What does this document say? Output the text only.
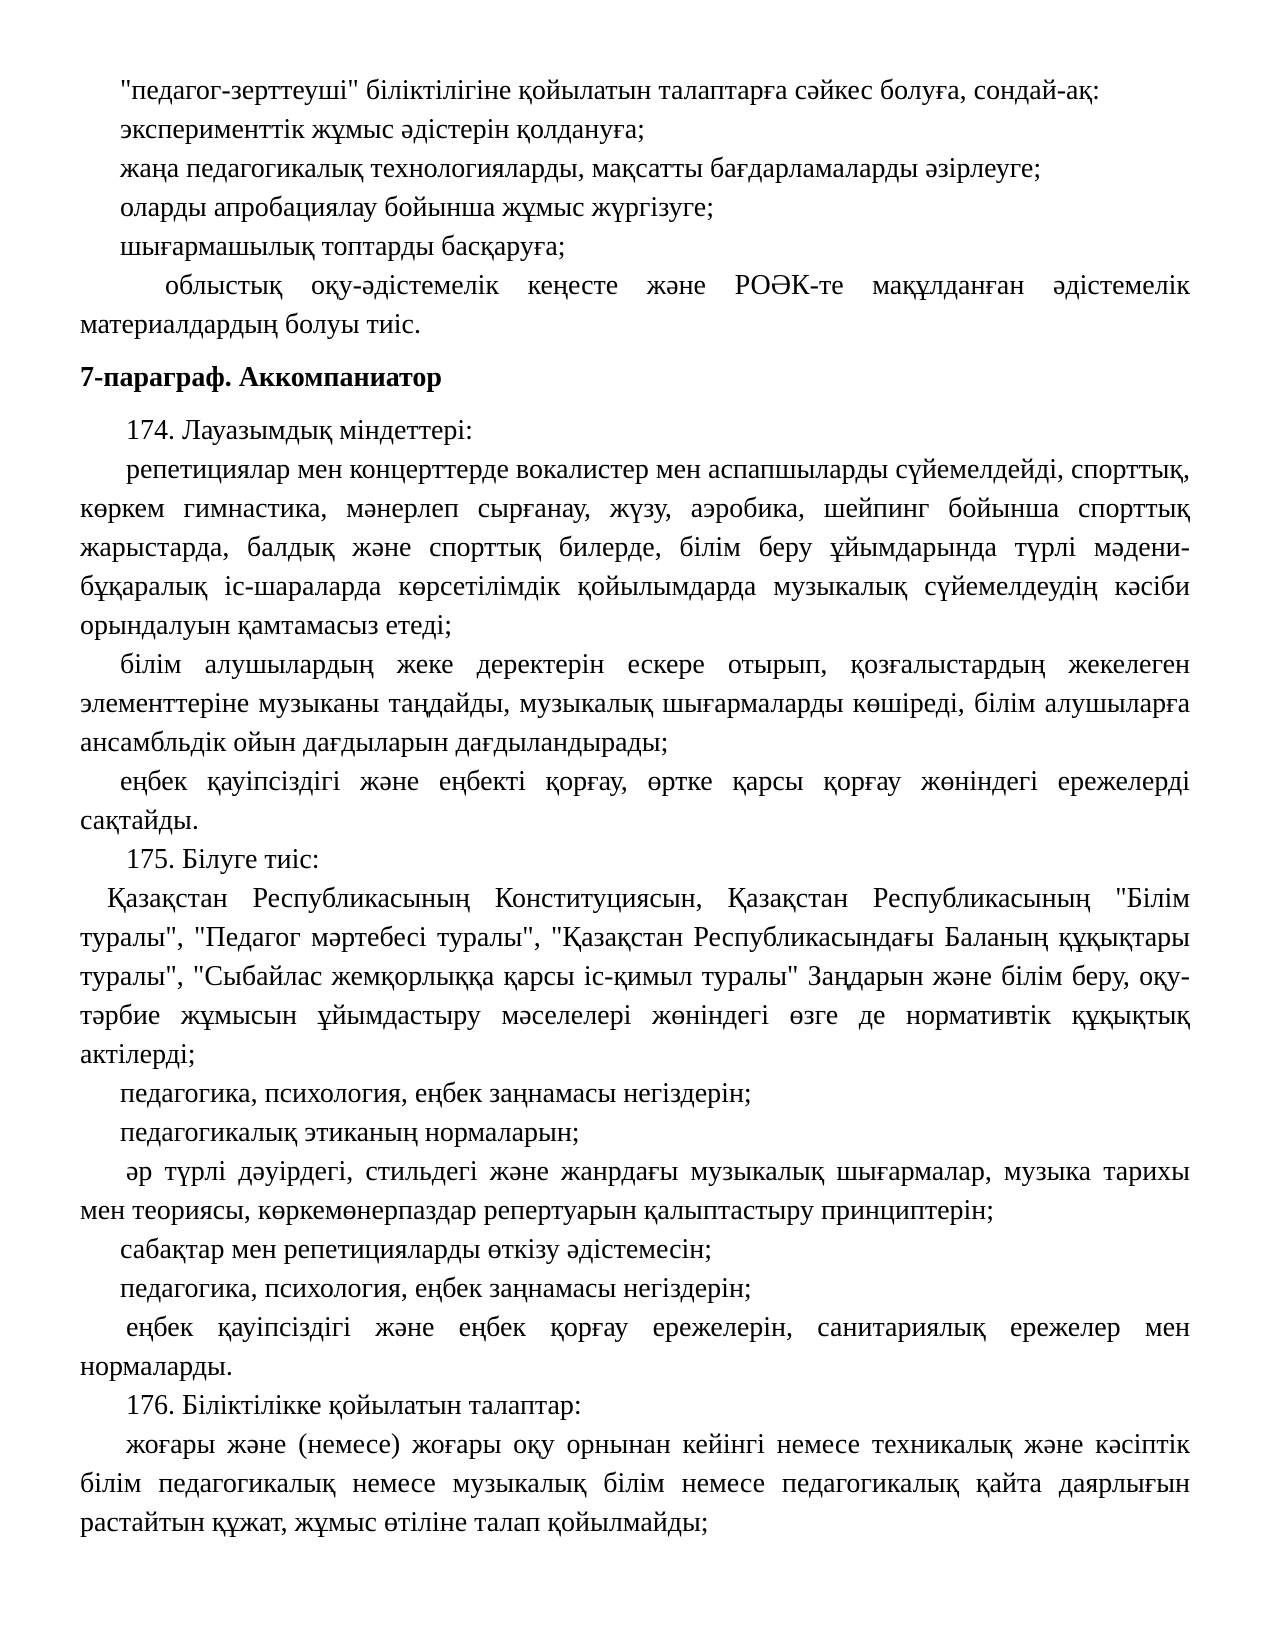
"педагог-зерттеуші" біліктілігіне қойылатын талаптарға сәйкес болуға, сондай-ақ:

эксперименттік жұмыс әдістерін қолдануға;

жаңа педагогикалық технологияларды, мақсатты бағдарламаларды әзірлеуге;

оларды апробациялау бойынша жұмыс жүргізуге;

шығармашылық топтарды басқаруға;

облыстық оқу-әдістемелік кеңесте және РОӘК-те мақұлданған әдістемелік материалдардың болуы тиіс.

7-параграф. Аккомпаниатор

174. Лауазымдық міндеттері:

репетициялар мен концерттерде вокалистер мен аспапшыларды сүйемелдейді, спорттық, көркем гимнастика, мәнерлеп сырғанау, жүзу, аэробика, шейпинг бойынша спорттық жарыстарда, балдық және спорттық билерде, білім беру ұйымдарында түрлі мәдени-бұқаралық іс-шараларда көрсетілімдік қойылымдарда музыкалық сүйемелдеудің кәсіби орындалуын қамтамасыз етеді;

білім алушылардың жеке деректерін ескере отырып, қозғалыстардың жекелеген элементтеріне музыканы таңдайды, музыкалық шығармаларды көшіреді, білім алушыларға ансамбльдік ойын дағдыларын дағдыландырады;

еңбек қауіпсіздігі және еңбекті қорғау, өртке қарсы қорғау жөніндегі ережелерді сақтайды.

175. Білуге тиіс:

Қазақстан Республикасының Конституциясын, Қазақстан Республикасының "Білім туралы", "Педагог мәртебесі туралы", "Қазақстан Республикасындағы Баланың құқықтары туралы", "Сыбайлас жемқорлыққа қарсы іс-қимыл туралы" Заңдарын және білім беру, оқу-тәрбие жұмысын ұйымдастыру мәселелері жөніндегі өзге де нормативтік құқықтық актілерді;

педагогика, психология, еңбек заңнамасы негіздерін;

педагогикалық этиканың нормаларын;

әр түрлі дәуірдегі, стильдегі және жанрдағы музыкалық шығармалар, музыка тарихы мен теориясы, көркемөнерпаздар репертуарын қалыптастыру принциптерін;

сабақтар мен репетицияларды өткізу әдістемесін;

педагогика, психология, еңбек заңнамасы негіздерін;

еңбек қауіпсіздігі және еңбек қорғау ережелерін, санитариялық ережелер мен нормаларды.

176. Біліктілікке қойылатын талаптар:

жоғары және (немесе) жоғары оқу орнынан кейінгі немесе техникалық және кәсіптік білім педагогикалық немесе музыкалық білім немесе педагогикалық қайта даярлығын растайтын құжат, жұмыс өтіліне талап қойылмайды;
